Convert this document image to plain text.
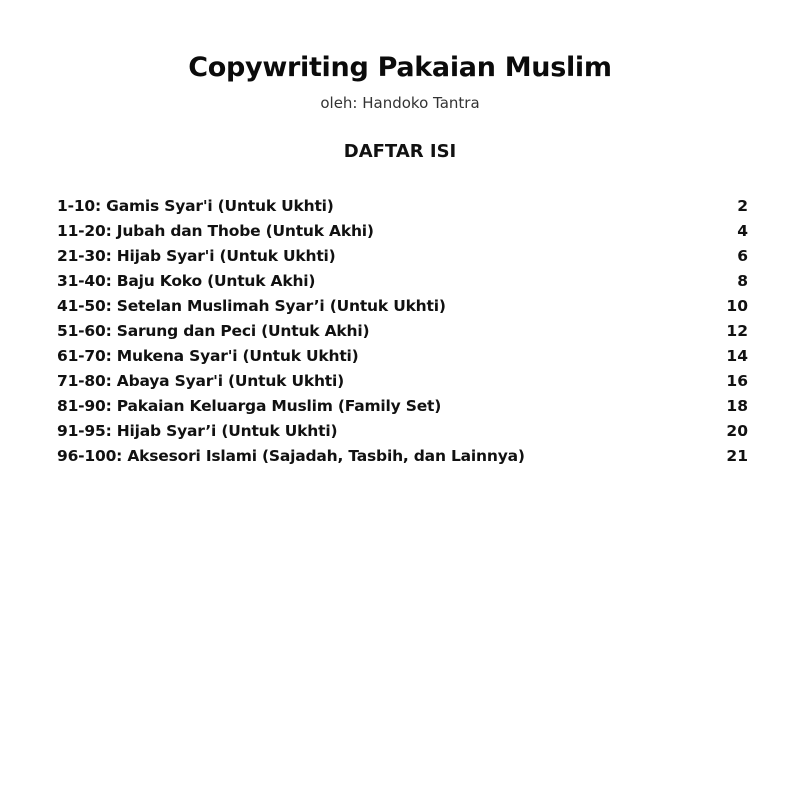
Copywriting Pakaian Muslim

oleh: Handoko Tantra

DAFTAR ISI
1-10: Gamis Syar'i (Untuk Ukhti)	2
11-20: Jubah dan Thobe (Untuk Akhi)	4
21-30: Hijab Syar'i (Untuk Ukhti)	6
31-40: Baju Koko (Untuk Akhi)	8
41-50: Setelan Muslimah Syar’i (Untuk Ukhti)	10
51-60: Sarung dan Peci (Untuk Akhi)	12
61-70: Mukena Syar'i (Untuk Ukhti)	14
71-80: Abaya Syar'i (Untuk Ukhti)	16
81-90: Pakaian Keluarga Muslim (Family Set)	18
91-95: Hijab Syar’i (Untuk Ukhti)	20
96-100: Aksesori Islami (Sajadah, Tasbih, dan Lainnya)	21
